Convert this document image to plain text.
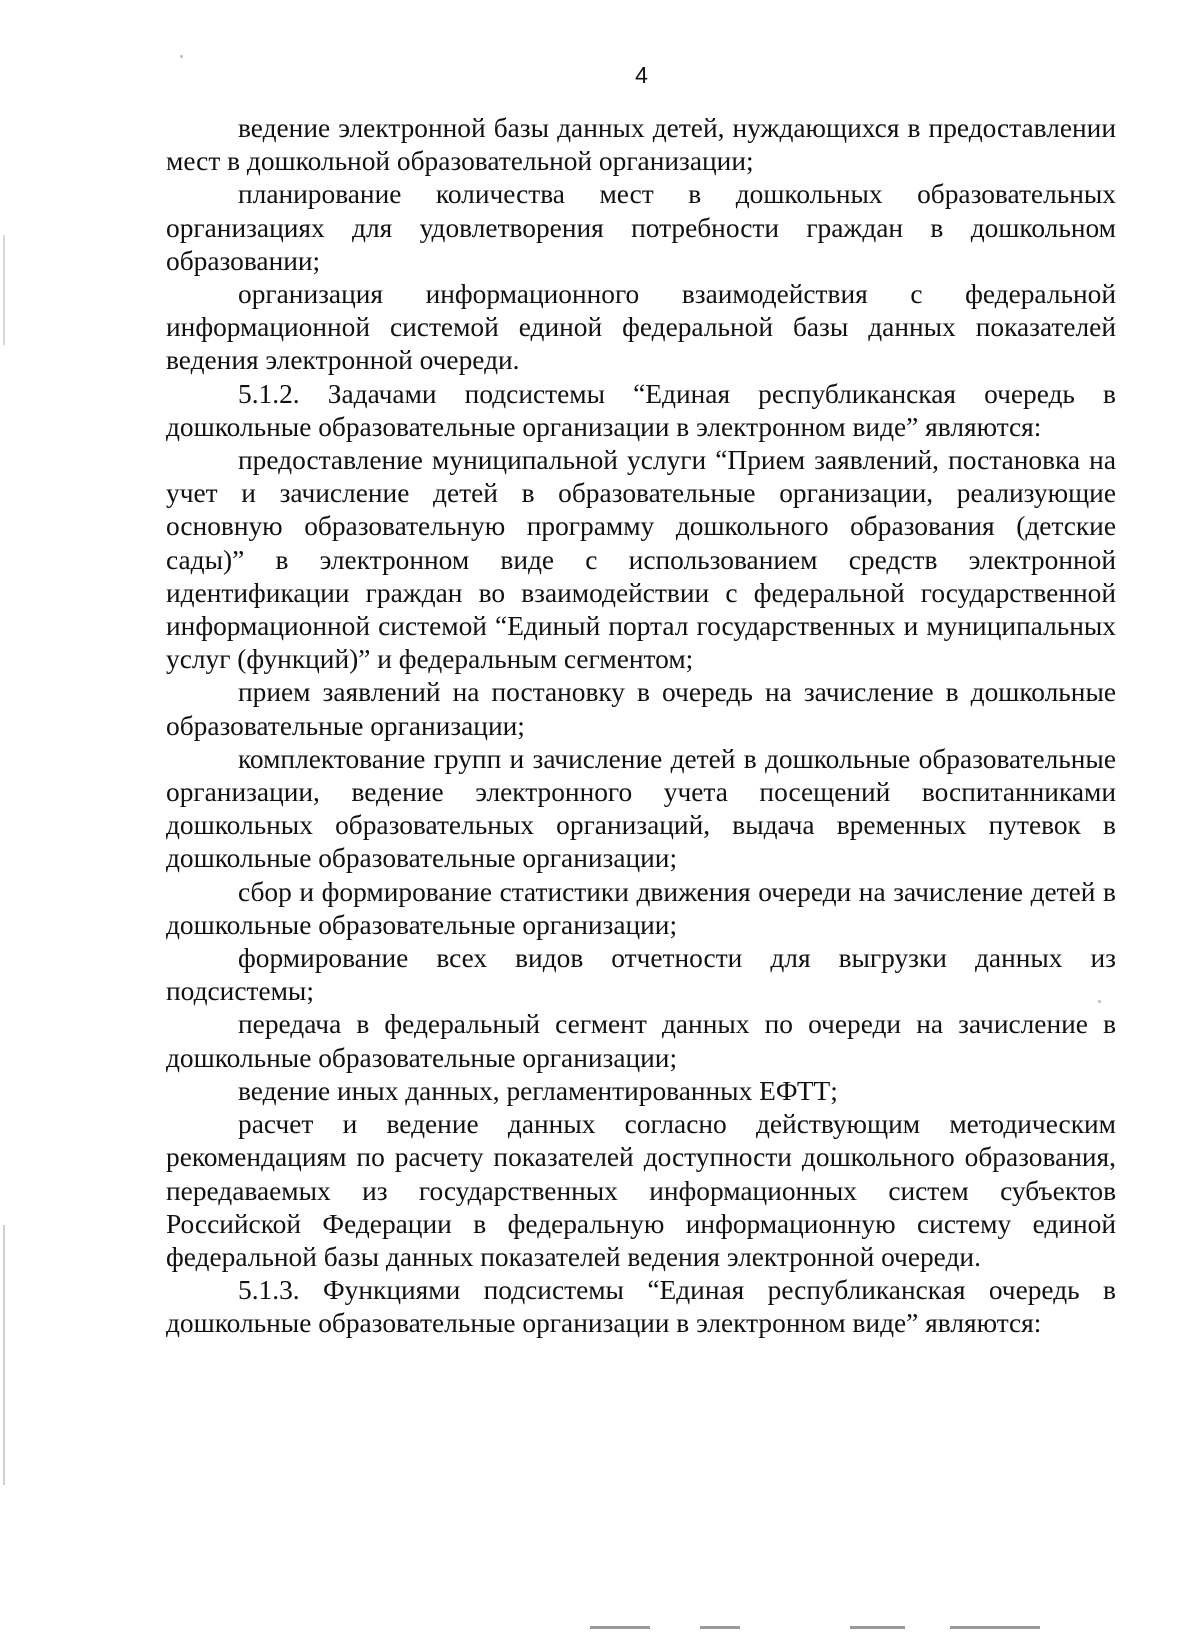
4

ведение электронной базы данных детей, нуждающихся в предоставлении мест в дошкольной образовательной организации;

планирование количества мест в дошкольных образовательных организациях для удовлетворения потребности граждан в дошкольном образовании;

организация информационного взаимодействия с федеральной информационной системой единой федеральной базы данных показателей ведения электронной очереди.

5.1.2. Задачами подсистемы “Единая республиканская очередь в дошкольные образовательные организации в электронном виде” являются:

предоставление муниципальной услуги “Прием заявлений, постановка на учет и зачисление детей в образовательные организации, реализующие основную образовательную программу дошкольного образования (детские сады)” в электронном виде с использованием средств электронной идентификации граждан во взаимодействии с федеральной государственной информационной системой “Единый портал государственных и муниципальных услуг (функций)” и федеральным сегментом;

прием заявлений на постановку в очередь на зачисление в дошкольные образовательные организации;

комплектование групп и зачисление детей в дошкольные образовательные организации, ведение электронного учета посещений воспитанниками дошкольных образовательных организаций, выдача временных путевок в дошкольные образовательные организации;

сбор и формирование статистики движения очереди на зачисление детей в дошкольные образовательные организации;

формирование всех видов отчетности для выгрузки данных из подсистемы;

передача в федеральный сегмент данных по очереди на зачисление в дошкольные образовательные организации;

ведение иных данных, регламентированных ЕФТТ;

расчет и ведение данных согласно действующим методическим рекомендациям по расчету показателей доступности дошкольного образования, передаваемых из государственных информационных систем субъектов Российской Федерации в федеральную информационную систему единой федеральной базы данных показателей ведения электронной очереди.

5.1.3. Функциями подсистемы “Единая республиканская очередь в дошкольные образовательные организации в электронном виде” являются:
